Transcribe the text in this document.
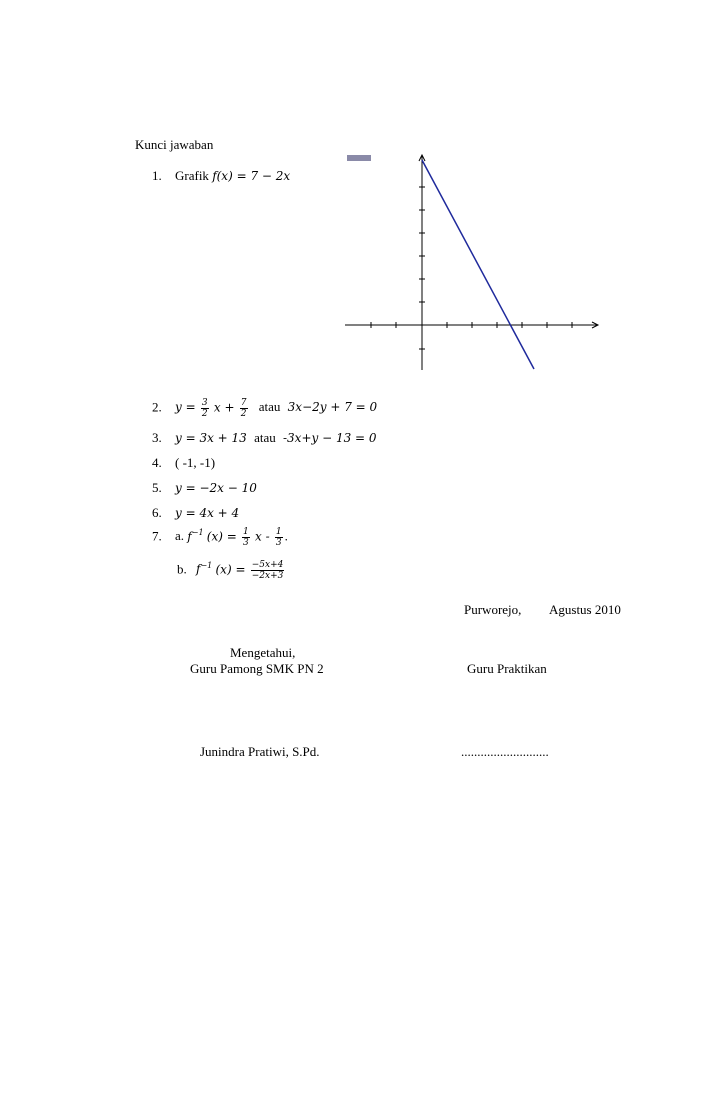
Kunci jawaban
1. Grafik f(x) = 7 − 2x
2. $y = \frac{3}{2}$ $x + \frac{7}{2}$ atau 3x−2y + 7 = 0
3. y = 3x + 13 atau -3x+y − 13 = 0
4. ( -1, -1)
5. y = −2x − 10
6. y = 4x + 4
7. a. $f^{-1}$ $(x) = \frac{1}{3}$ x - $\frac{1}{3}$ .
b. $f^{-1}$ $(x) = \frac{-5x+4}{-2x+3}$
Purworejo, Agustus 2010
Mengetahui,
Guru Pamong SMK PN 2	Guru Praktikan
Junindra Pratiwi, S.Pd.	...........................
